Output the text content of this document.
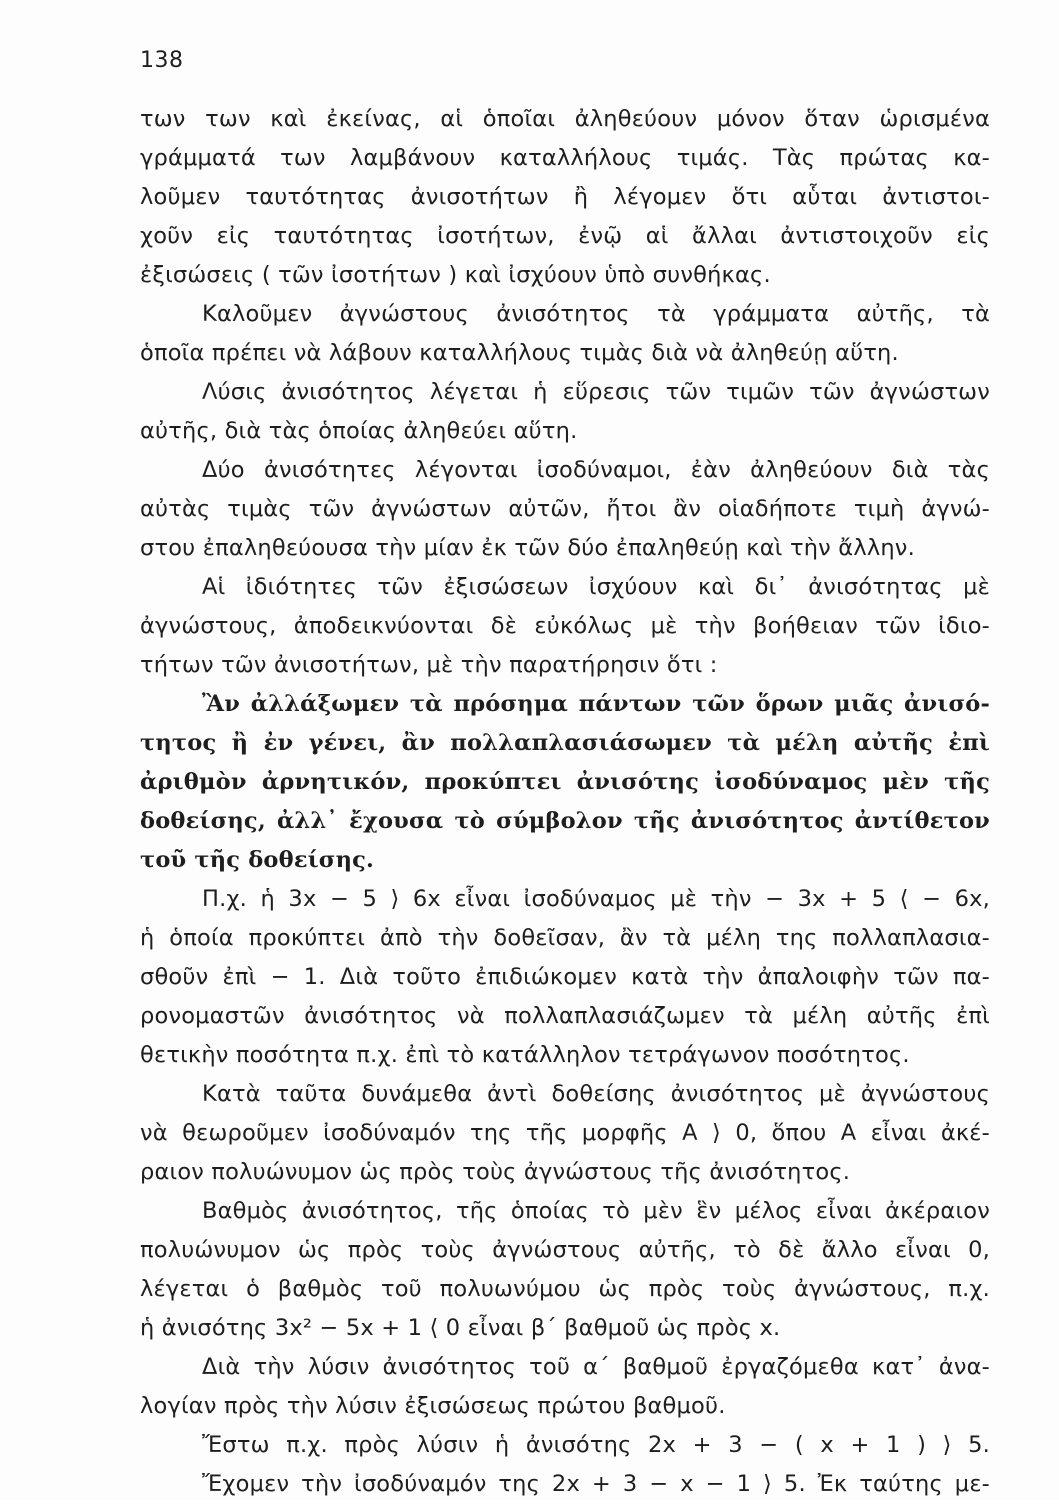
138
των των καὶ ἐκείνας, αἱ ὁποῖαι ἀληθεύουν μόνον ὅταν ὡρισμένα
γράμματά των λαμβάνουν καταλλήλους τιμάς. Τὰς πρώτας κα-
λοῦμεν ταυτότητας ἀνισοτήτων ἢ λέγομεν ὅτι αὗται ἀντιστοι-
χοῦν εἰς ταυτότητας ἰσοτήτων, ἐνῷ αἱ ἄλλαι ἀντιστοιχοῦν εἰς
ἐξισώσεις ( τῶν ἰσοτήτων ) καὶ ἰσχύουν ὑπὸ συνθήκας.
Καλοῦμεν ἀγνώστους ἀνισότητος τὰ γράμματα αὐτῆς, τὰ
ὁποῖα πρέπει νὰ λάβουν καταλλήλους τιμὰς διὰ νὰ ἀληθεύῃ αὕτη.
Λύσις ἀνισότητος λέγεται ἡ εὕρεσις τῶν τιμῶν τῶν ἀγνώστων
αὐτῆς, διὰ τὰς ὁποίας ἀληθεύει αὕτη.
Δύο ἀνισότητες λέγονται ἰσοδύναμοι, ἐὰν ἀληθεύουν διὰ τὰς
αὐτὰς τιμὰς τῶν ἀγνώστων αὐτῶν, ἤτοι ἂν οἱαδήποτε τιμὴ ἀγνώ-
στου ἐπαληθεύουσα τὴν μίαν ἐκ τῶν δύο ἐπαληθεύῃ καὶ τὴν ἄλλην.
Αἱ ἰδιότητες τῶν ἐξισώσεων ἰσχύουν καὶ δι᾽ ἀνισότητας μὲ
ἀγνώστους, ἀποδεικνύονται δὲ εὐκόλως μὲ τὴν βοήθειαν τῶν ἰδιο-
τήτων τῶν ἀνισοτήτων, μὲ τὴν παρατήρησιν ὅτι :
Ἂν ἀλλάξωμεν τὰ πρόσημα πάντων τῶν ὅρων μιᾶς ἀνισό-
τητος ἢ ἐν γένει, ἂν πολλαπλασιάσωμεν τὰ μέλη αὐτῆς ἐπὶ
ἀριθμὸν ἀρνητικόν, προκύπτει ἀνισότης ἰσοδύναμος μὲν τῆς
δοθείσης, ἀλλ᾽ ἔχουσα τὸ σύμβολον τῆς ἀνισότητος ἀντίθετον
τοῦ τῆς δοθείσης.
Π.χ. ἡ 3x − 5 ⟩ 6x εἶναι ἰσοδύναμος μὲ τὴν − 3x + 5 ⟨ − 6x,
ἡ ὁποία προκύπτει ἀπὸ τὴν δοθεῖσαν, ἂν τὰ μέλη της πολλαπλασια-
σθοῦν ἐπὶ − 1. Διὰ τοῦτο ἐπιδιώκομεν κατὰ τὴν ἀπαλοιφὴν τῶν πα-
ρονομαστῶν ἀνισότητος νὰ πολλαπλασιάζωμεν τὰ μέλη αὐτῆς ἐπὶ
θετικὴν ποσότητα π.χ. ἐπὶ τὸ κατάλληλον τετράγωνον ποσότητος.
Κατὰ ταῦτα δυνάμεθα ἀντὶ δοθείσης ἀνισότητος μὲ ἀγνώστους
νὰ θεωροῦμεν ἰσοδύναμόν της τῆς μορφῆς Α ⟩ 0, ὅπου Α εἶναι ἀκέ-
ραιον πολυώνυμον ὡς πρὸς τοὺς ἀγνώστους τῆς ἀνισότητος.
Βαθμὸς ἀνισότητος, τῆς ὁποίας τὸ μὲν ἓν μέλος εἶναι ἀκέραιον
πολυώνυμον ὡς πρὸς τοὺς ἀγνώστους αὐτῆς, τὸ δὲ ἄλλο εἶναι 0,
λέγεται ὁ βαθμὸς τοῦ πολυωνύμου ὡς πρὸς τοὺς ἀγνώστους, π.χ.
ἡ ἀνισότης 3x² − 5x + 1 ⟨ 0 εἶναι β΄ βαθμοῦ ὡς πρὸς x.
Διὰ τὴν λύσιν ἀνισότητος τοῦ α΄ βαθμοῦ ἐργαζόμεθα κατ᾽ ἀνα-
λογίαν πρὸς τὴν λύσιν ἐξισώσεως πρώτου βαθμοῦ.
Ἔστω π.χ. πρὸς λύσιν ἡ ἀνισότης 2x + 3 − ( x + 1 ) ⟩ 5.
Ἔχομεν τὴν ἰσοδύναμόν της 2x + 3 − x − 1 ⟩ 5. Ἐκ ταύτης με-
